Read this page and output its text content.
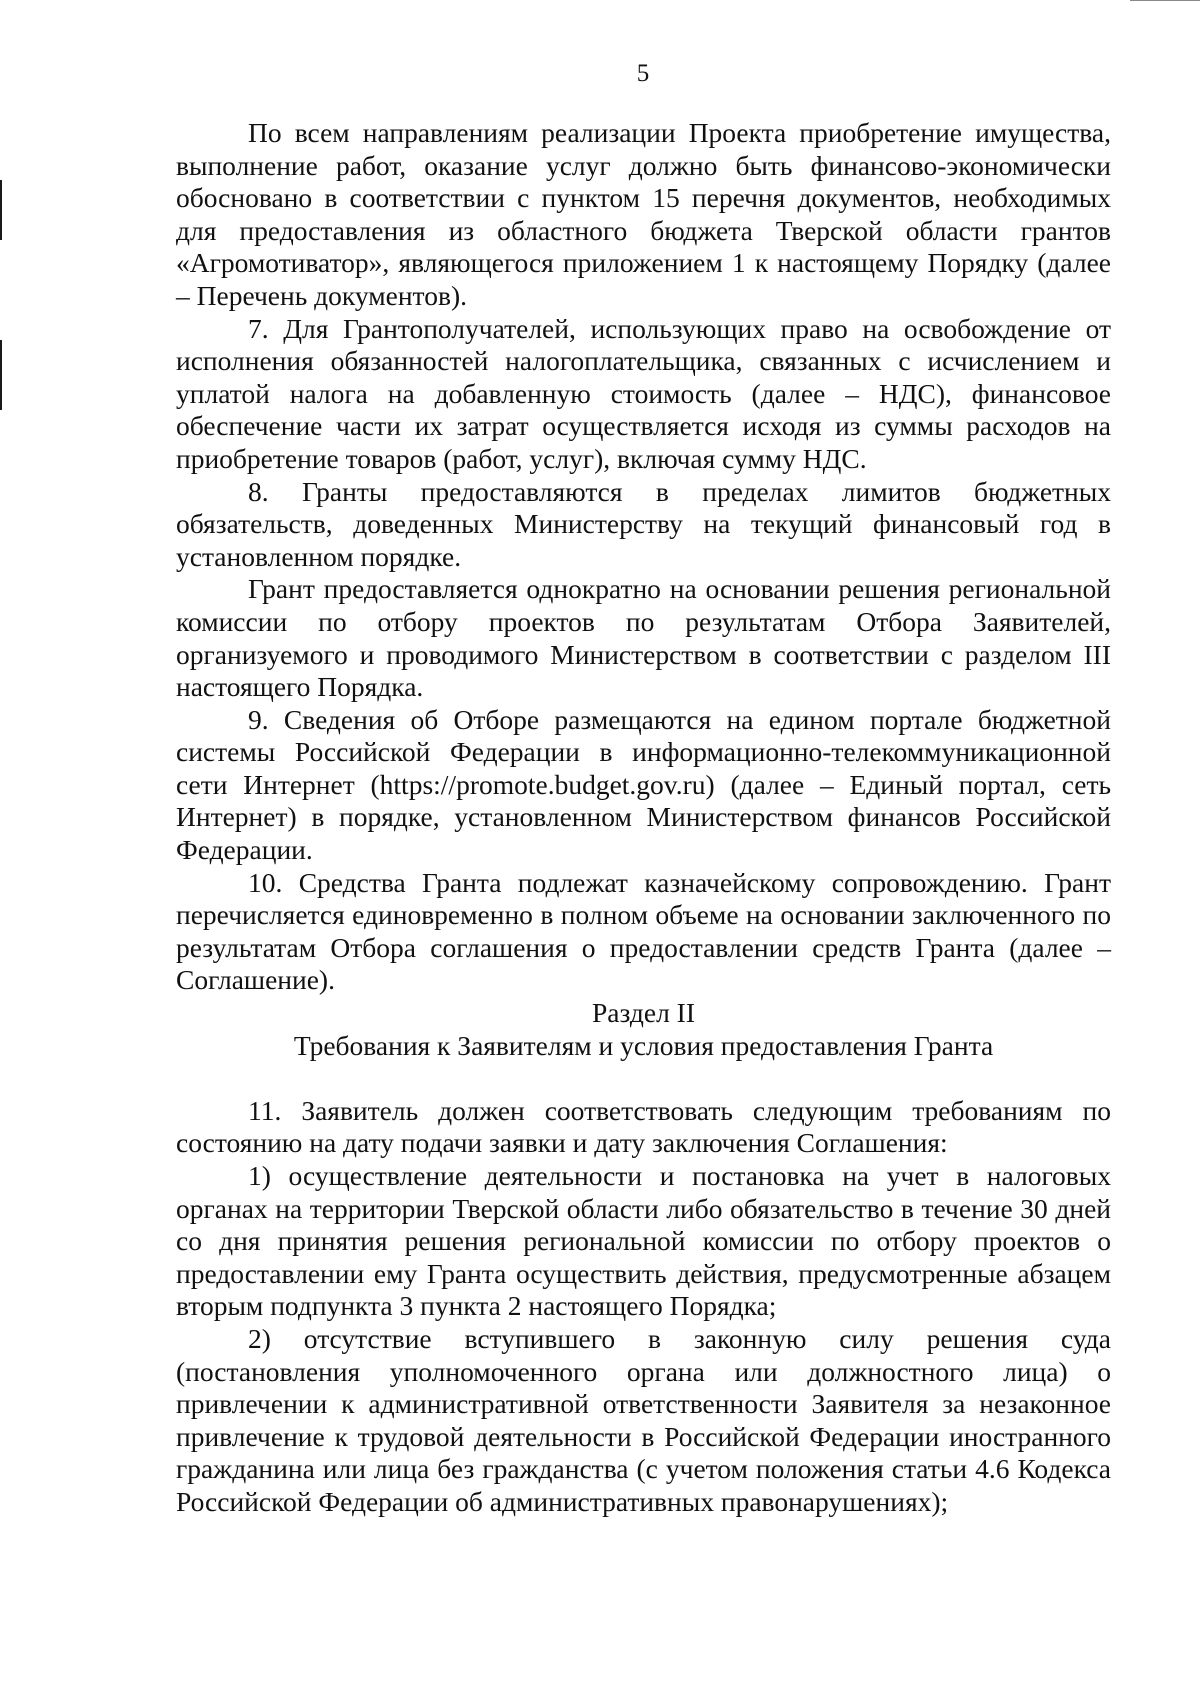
5

По всем направлениям реализации Проекта приобретение имущества, выполнение работ, оказание услуг должно быть финансово-экономически обосновано в соответствии с пунктом 15 перечня документов, необходимых для предоставления из областного бюджета Тверской области грантов «Агромотиватор», являющегося приложением 1 к настоящему Порядку (далее – Перечень документов).

7. Для Грантополучателей, использующих право на освобождение от исполнения обязанностей налогоплательщика, связанных с исчислением и уплатой налога на добавленную стоимость (далее – НДС), финансовое обеспечение части их затрат осуществляется исходя из суммы расходов на приобретение товаров (работ, услуг), включая сумму НДС.

8. Гранты предоставляются в пределах лимитов бюджетных обязательств, доведенных Министерству на текущий финансовый год в установленном порядке.

Грант предоставляется однократно на основании решения региональной комиссии по отбору проектов по результатам Отбора Заявителей, организуемого и проводимого Министерством в соответствии с разделом III настоящего Порядка.

9. Сведения об Отборе размещаются на едином портале бюджетной системы Российской Федерации в информационно-телекоммуникационной сети Интернет (https://promote.budget.gov.ru) (далее – Единый портал, сеть Интернет) в порядке, установленном Министерством финансов Российской Федерации.

10. Средства Гранта подлежат казначейскому сопровождению. Грант перечисляется единовременно в полном объеме на основании заключенного по результатам Отбора соглашения о предоставлении средств Гранта (далее – Соглашение).

Раздел II

Требования к Заявителям и условия предоставления Гранта

11. Заявитель должен соответствовать следующим требованиям по состоянию на дату подачи заявки и дату заключения Соглашения:

1) осуществление деятельности и постановка на учет в налоговых органах на территории Тверской области либо обязательство в течение 30 дней со дня принятия решения региональной комиссии по отбору проектов о предоставлении ему Гранта осуществить действия, предусмотренные абзацем вторым подпункта 3 пункта 2 настоящего Порядка;

2) отсутствие вступившего в законную силу решения суда (постановления уполномоченного органа или должностного лица) о привлечении к административной ответственности Заявителя за незаконное привлечение к трудовой деятельности в Российской Федерации иностранного гражданина или лица без гражданства (с учетом положения статьи 4.6 Кодекса Российской Федерации об административных правонарушениях);
